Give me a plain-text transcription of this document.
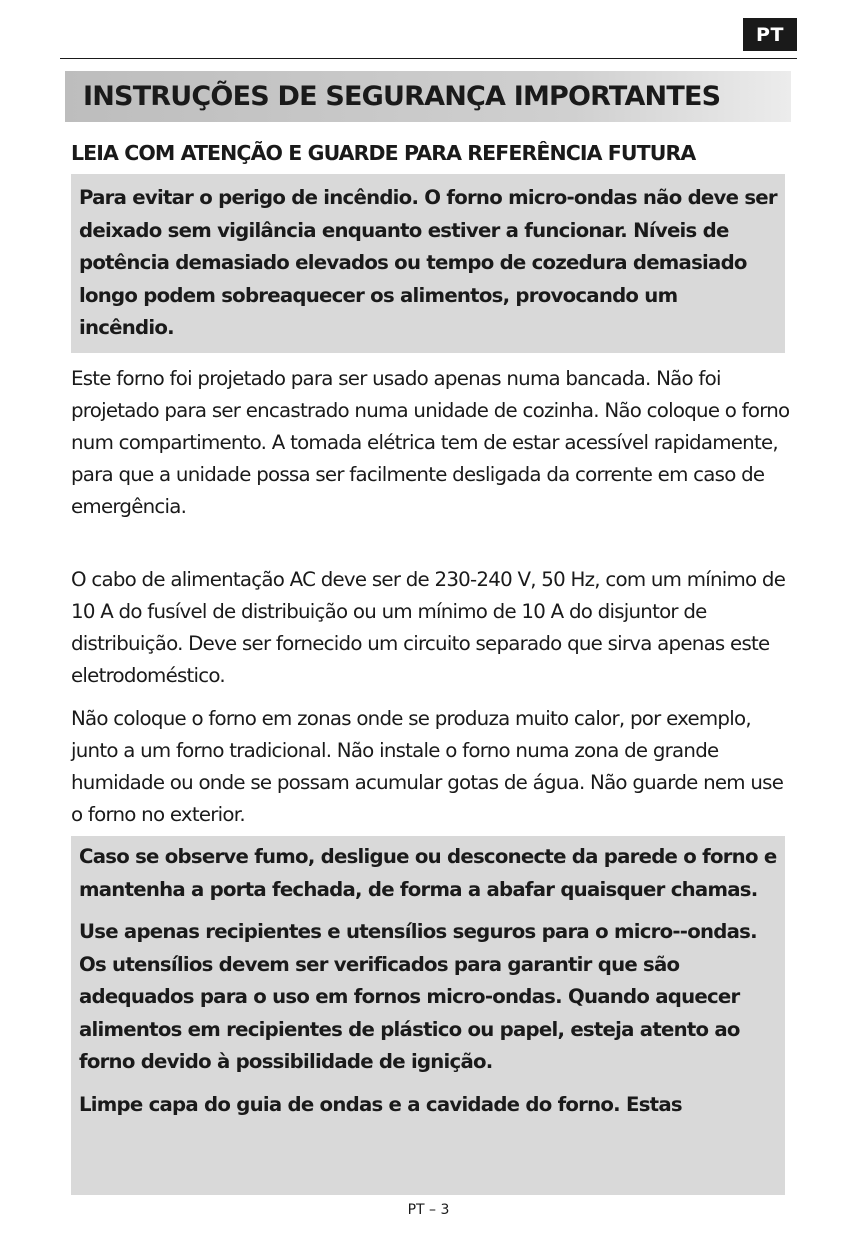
PT
INSTRUÇÕES DE SEGURANÇA IMPORTANTES
LEIA COM ATENÇÃO E GUARDE PARA REFERÊNCIA FUTURA

Para evitar o perigo de incêndio. O forno micro-ondas não deve ser deixado sem vigilância enquanto estiver a funcionar. Níveis de potência demasiado elevados ou tempo de cozedura demasiado longo podem sobreaquecer os alimentos, provocando um incêndio.

Este forno foi projetado para ser usado apenas numa bancada. Não foi projetado para ser encastrado numa unidade de cozinha. Não coloque o forno num compartimento. A tomada elétrica tem de estar acessível rapidamente, para que a unidade possa ser facilmente desligada da corrente em caso de emergência.

O cabo de alimentação AC deve ser de 230-240 V, 50 Hz, com um mínimo de 10 A do fusível de distribuição ou um mínimo de 10 A do disjuntor de distribuição. Deve ser fornecido um circuito separado que sirva apenas este eletrodoméstico.

Não coloque o forno em zonas onde se produza muito calor, por exemplo, junto a um forno tradicional. Não instale o forno numa zona de grande humidade ou onde se possam acumular gotas de água. Não guarde nem use o forno no exterior.

Caso se observe fumo, desligue ou desconecte da parede o forno e mantenha a porta fechada, de forma a abafar quaisquer chamas.

Use apenas recipientes e utensílios seguros para o micro--ondas. Os utensílios devem ser verificados para garantir que são adequados para o uso em fornos micro-ondas. Quando aquecer alimentos em recipientes de plástico ou papel, esteja atento ao forno devido à possibilidade de ignição.

Limpe capa do guia de ondas e a cavidade do forno. Estas

PT – 3
